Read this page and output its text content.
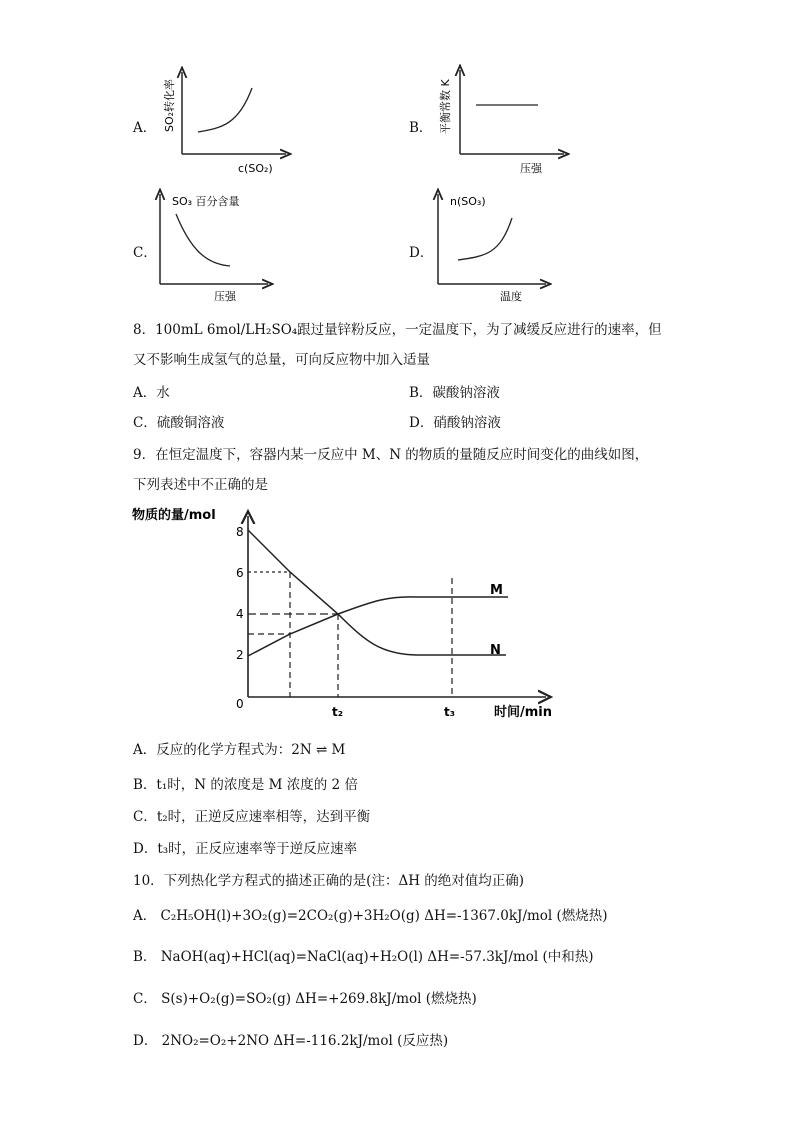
A． SO₂转化率
c(SO₂)
B． 平衡常数 K
压强
C．
SO₃ 百分含量
压强
D．
n(SO₃)
温度
8．100mL 6mol/LH₂SO₄跟过量锌粉反应，一定温度下，为了减缓反应进行的速率，但
又不影响生成氢气的总量，可向反应物中加入适量
A．水	B．碳酸钠溶液
C．硫酸铜溶液	D．硝酸钠溶液
9．在恒定温度下，容器内某一反应中 M、N 的物质的量随反应时间变化的曲线如图，
下列表述中不正确的是
物质的量/mol
8
6
4
2
0
M
N
t₂	t₃	时间/min
A．反应的化学方程式为：2N ⇌ M
B．t₁时，N 的浓度是 M 浓度的 2 倍
C．t₂时，正逆反应速率相等，达到平衡
D．t₃时，正反应速率等于逆反应速率
10．下列热化学方程式的描述正确的是(注：ΔH 的绝对值均正确)
A． C₂H₅OH(l)+3O₂(g)=2CO₂(g)+3H₂O(g) ΔH=-1367.0kJ/mol (燃烧热)
B． NaOH(aq)+HCl(aq)=NaCl(aq)+H₂O(l) ΔH=-57.3kJ/mol (中和热)
C． S(s)+O₂(g)=SO₂(g) ΔH=+269.8kJ/mol (燃烧热)
D． 2NO₂=O₂+2NO ΔH=-116.2kJ/mol (反应热)
